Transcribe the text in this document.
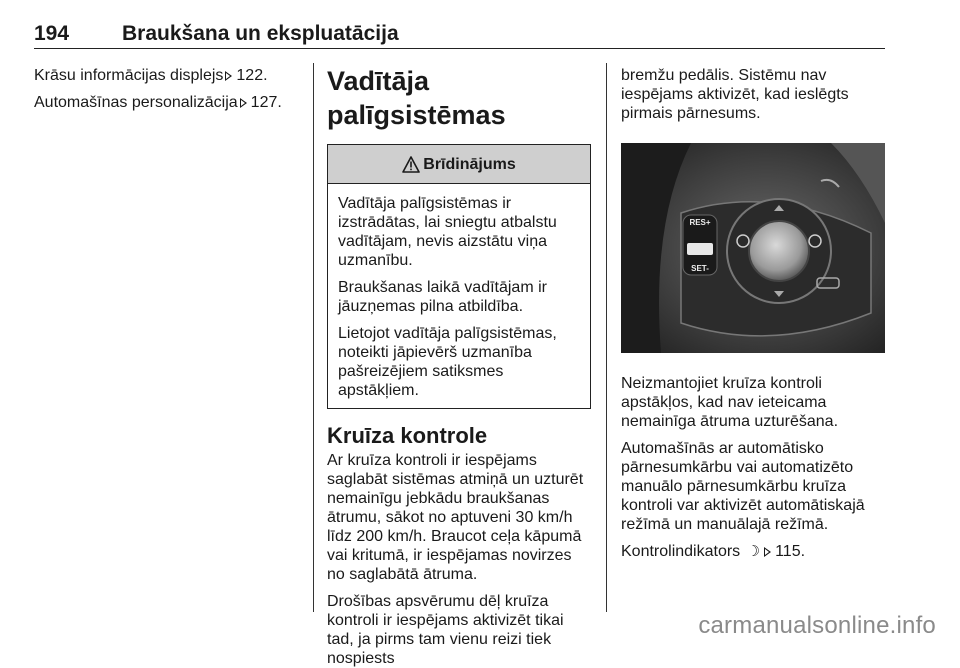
194	Braukšana un ekspluatācija

Krāsu informācijas displejs 122.

Automašīnas personalizācija 127.

Vadītāja palīgsistēmas
Brīdinājums

Vadītāja palīgsistēmas ir izstrādātas, lai sniegtu atbalstu vadītājam, nevis aizstātu viņa uzmanību.

Braukšanas laikā vadītājam ir jāuzņemas pilna atbildība.

Lietojot vadītāja palīgsistēmas, noteikti jāpievērš uzmanība pašreizējiem satiksmes apstākļiem.

Kruīza kontrole

Ar kruīza kontroli ir iespējams saglabāt sistēmas atmiņā un uzturēt nemainīgu jebkādu braukšanas ātrumu, sākot no aptuveni 30 km/h līdz 200 km/h. Braucot ceļa kāpumā vai kritumā, ir iespējamas novirzes no saglabātā ātruma.

Drošības apsvērumu dēļ kruīza kontroli ir iespējams aktivizēt tikai tad, ja pirms tam vienu reizi tiek nospiests

bremžu pedālis. Sistēmu nav iespējams aktivizēt, kad ieslēgts pirmais pārnesums.

RES+
SET-

Neizmantojiet kruīza kontroli apstākļos, kad nav ieteicama nemainīga ātruma uzturēšana.

Automašīnās ar automātisko pārnesumkārbu vai automatizēto manuālo pārnesumkārbu kruīza kontroli var aktivizēt automātiskajā režīmā un manuālajā režīmā.

Kontrolindikators ☽ 115.

carmanualsonline.info
